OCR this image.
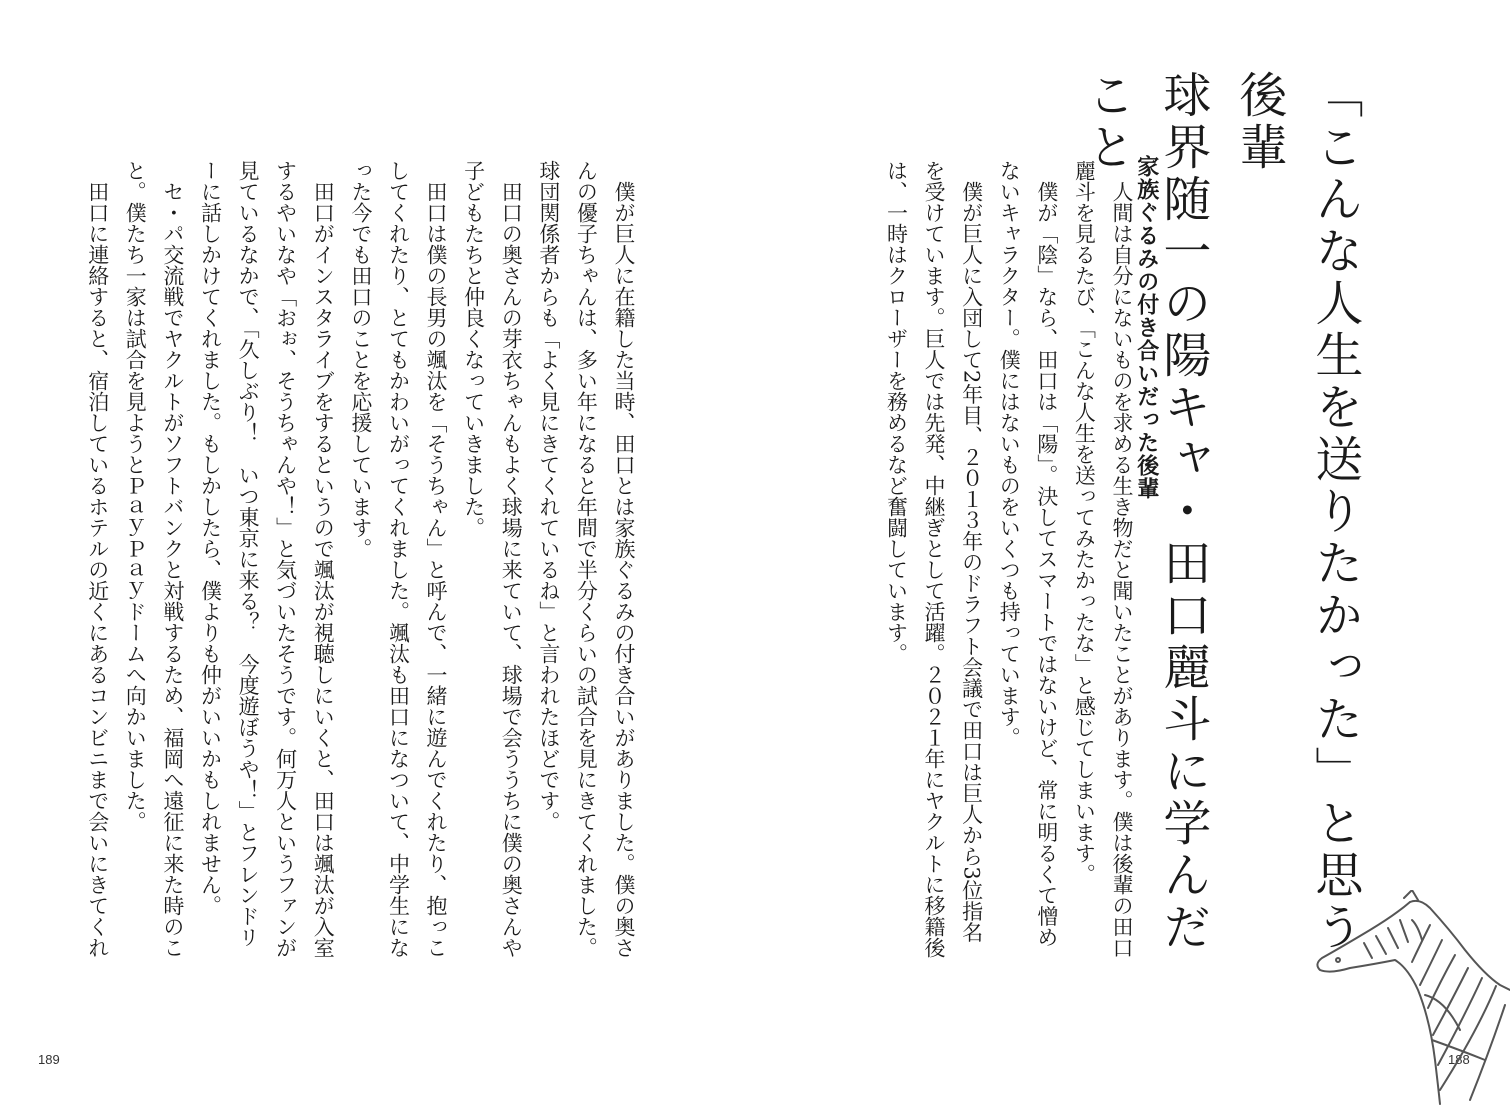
「こんな人生を送りたかった」と思う後輩
球界随一の陽キャ・田口麗斗に学んだこと

人間は自分にないものを求める生き物だと聞いたことがあります。僕は後輩の田口麗斗を見るたび、「こんな人生を送ってみたかったな」と感じてしまいます。

僕が「陰」なら、田口は「陽」。決してスマートではないけど、常に明るくて憎めないキャラクター。僕にはないものをいくつも持っています。

僕が巨人に入団して2年目、２０１３年のドラフト会議で田口は巨人から3位指名を受けています。巨人では先発、中継ぎとして活躍。２０２１年にヤクルトに移籍後は、一時はクローザーを務めるなど奮闘しています。	家族ぐるみの付き合いだった後輩

僕が巨人に在籍した当時、田口とは家族ぐるみの付き合いがありました。僕の奥さんの優子ちゃんは、多い年になると年間で半分くらいの試合を見にきてくれました。球団関係者からも「よく見にきてくれているね」と言われたほどです。

田口の奥さんの芽衣ちゃんもよく球場に来ていて、球場で会ううちに僕の奥さんや子どもたちと仲良くなっていきました。

田口は僕の長男の颯汰を「そうちゃん」と呼んで、一緒に遊んでくれたり、抱っこしてくれたり、とてもかわいがってくれました。颯汰も田口になついて、中学生になった今でも田口のことを応援しています。

田口がインスタライブをするというので颯汰が視聴しにいくと、田口は颯汰が入室するやいなや「おぉ、そうちゃんや！」と気づいたそうです。何万人というファンが見ているなかで、「久しぶり！　いつ東京に来る？　今度遊ぼうや！」とフレンドリーに話しかけてくれました。もしかしたら、僕よりも仲がいいかもしれません。

セ・パ交流戦でヤクルトがソフトバンクと対戦するため、福岡へ遠征に来た時のこと。僕たち一家は試合を見ようとＰａｙＰａｙドームへ向かいました。

田口に連絡すると、宿泊しているホテルの近くにあるコンビニまで会いにきてくれ

189	188
